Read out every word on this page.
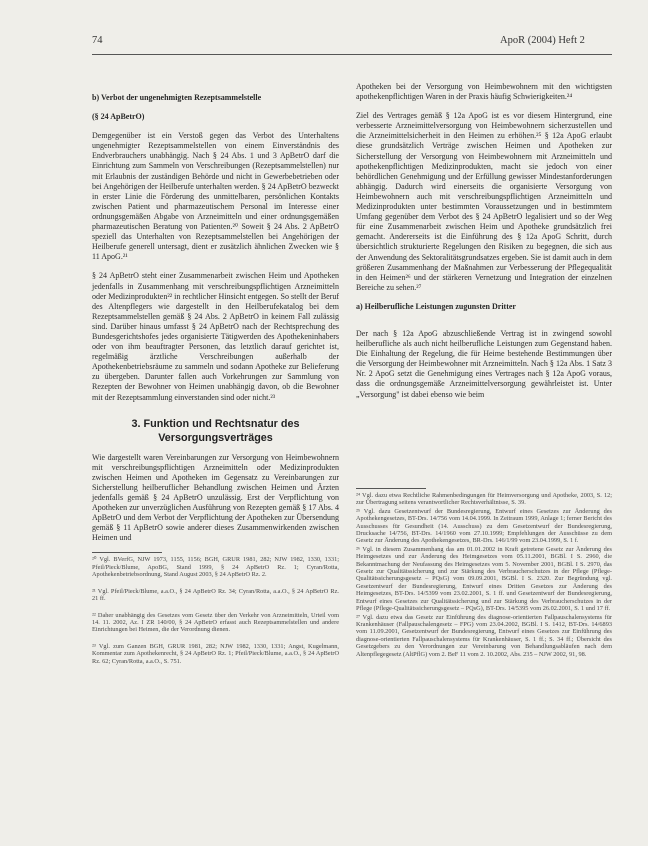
74	ApoR (2004) Heft 2

b) Verbot der ungenehmigten Rezeptsammelstelle

(§ 24 ApBetrO)

Demgegenüber ist ein Verstoß gegen das Verbot des Unterhaltens ungenehmigter Rezeptsammelstellen von einem Einverständnis des Endverbrauchers unabhängig. Nach § 24 Abs. 1 und 3 ApBetrO darf die Einrichtung zum Sammeln von Verschreibungen (Rezeptsammelstellen) nur mit Erlaubnis der zuständigen Behörde und nicht in Gewerbebetrieben oder bei Angehörigen der Heilberufe unterhalten werden. § 24 ApBetrO bezweckt in erster Linie die Förderung des unmittelbaren, persönlichen Kontakts zwischen Patient und pharmazeutischem Personal im Interesse einer ordnungsgemäßen Abgabe von Arzneimitteln und einer ordnungsgemäßen pharmazeutischen Beratung von Patienten.²⁰ Soweit § 24 Abs. 2 ApBetrO speziell das Unterhalten von Rezeptsammelstellen bei Angehörigen der Heilberufe generell untersagt, dient er zusätzlich ähnlichen Zwecken wie § 11 ApoG.²¹

§ 24 ApBetrO steht einer Zusammenarbeit zwischen Heim und Apotheken jedenfalls in Zusammenhang mit verschreibungspflichtigen Arzneimitteln oder Medizinprodukten²² in rechtlicher Hinsicht entgegen. So stellt der Beruf des Altenpflegers wie dargestellt in den Heilberufekatalog bei dem Rezeptsammelstellen gemäß § 24 Abs. 2 ApBetrO in keinem Fall zulässig sind. Darüber hinaus umfasst § 24 ApBetrO nach der Rechtsprechung des Bundesgerichtshofes jedes organisierte Tätigwerden des Apothekeninhabers oder von ihm beauftragter Personen, das letztlich darauf gerichtet ist, regelmäßig ärztliche Verschreibungen außerhalb der Apothekenbetriebsräume zu sammeln und sodann Apotheke zur Belieferung zu übergeben. Darunter fallen auch Vorkehrungen zur Sammlung von Rezepten der Bewohner von Heimen unabhängig davon, ob die Bewohner mit der Rezeptsammlung einverstanden sind oder nicht.²³

3. Funktion und Rechtsnatur des
Versorgungsverträges

Wie dargestellt waren Vereinbarungen zur Versorgung von Heimbewohnern mit verschreibungspflichtigen Arzneimitteln oder Medizinprodukten zwischen Heimen und Apotheken im Gegensatz zu Vereinbarungen zur Sicherstellung heilberuflicher Behandlung zwischen Heimen und Ärzten jedenfalls gemäß § 24 ApBetrO unzulässig. Erst der Verpflichtung von Apotheken zur unverzüglichen Ausführung von Rezepten gemäß § 17 Abs. 4 ApBetrO und dem Verbot der Verpflichtung der Apotheken zur Übersendung gemäß § 11 ApBetrO sowie anderer dieses Zusammenwirkenden zwischen Heimen und

²⁰ Vgl. BVerfG, NJW 1973, 1155, 1156; BGH, GRUR 1981, 282; NJW 1982, 1330, 1331; Pfeil/Pieck/Blume, ApoBG, Stand 1999, § 24 ApBetrO Rz. 1; Cyran/Rotta, Apothekenbetriebsordnung, Stand August 2003, § 24 ApBetrO Rz. 2.

²¹ Vgl. Pfeil/Pieck/Blume, a.a.O., § 24 ApBetrO Rz. 34; Cyran/Rotta, a.a.O., § 24 ApBetrO Rz. 21 ff.

²² Daher unabhängig des Gesetzes vom Gesetz über den Verkehr von Arzneimitteln, Urteil vom 14. 11. 2002, Az. I ZR 140/00, § 24 ApBetrO erfasst auch Rezeptsammelstellen und andere Einrichtungen bei Heimen, die der Verordnung dienen.

²³ Vgl. zum Ganzen BGH, GRUR 1981, 282; NJW 1982, 1330, 1331; Angst, Kugelmann, Kommentar zum Apothekenrecht, § 24 ApBetrO Rz. 1; Pfeil/Pieck/Blume, a.a.O., § 24 ApBetrO Rz. 62; Cyran/Rotta, a.a.O., S. 751.

Apotheken bei der Versorgung von Heimbewohnern mit den wichtigsten apothekenpflichtigen Waren in der Praxis häufig Schwierigkeiten.²⁴

Ziel des Vertrages gemäß § 12a ApoG ist es vor diesem Hintergrund, eine verbesserte Arzneimittelversorgung von Heimbewohnern sicherzustellen und die Arzneimittelsicherheit in den Heimen zu erhöhen.²⁵ § 12a ApoG erlaubt diese grundsätzlich Verträge zwischen Heimen und Apotheken zur Sicherstellung der Versorgung von Heimbewohnern mit Arzneimitteln und apothekenpflichtigen Medizinprodukten, macht sie jedoch von einer behördlichen Genehmigung und der Erfüllung gewisser Mindestanforderungen abhängig. Dadurch wird einerseits die organisierte Versorgung von Heimbewohnern auch mit verschreibungspflichtigen Arzneimitteln und Medizinprodukten unter bestimmten Voraussetzungen und in bestimmtem Umfang gegenüber dem Verbot des § 24 ApBetrO legalisiert und so der Weg für eine Zusammenarbeit zwischen Heim und Apotheke grundsätzlich frei gemacht. Andererseits ist die Einführung des § 12a ApoG Schritt, durch übersichtlich strukturierte Regelungen den Risiken zu begegnen, die sich aus der Anwendung des Sektoralitätsgrundsatzes ergeben. Sie ist damit auch in dem größeren Zusammenhang der Maßnahmen zur Verbesserung der Pflegequalität in den Heimen²⁶ und der stärkeren Vernetzung und Integration der einzelnen Bereiche zu sehen.²⁷

a) Heilberufliche Leistungen zugunsten Dritter

Der nach § 12a ApoG abzuschließende Vertrag ist in zwingend sowohl heilberufliche als auch nicht heilberufliche Leistungen zum Gegenstand haben. Die Einhaltung der Regelung, die für Heime bestehende Bestimmungen über die Versorgung der Heimbewohner mit Arzneimitteln. Nach § 12a Abs. 1 Satz 3 Nr. 2 ApoG setzt die Genehmigung eines Vertrages nach § 12a ApoG voraus, dass die ordnungsgemäße Arzneimittelversorgung gewährleistet ist. Unter „Versorgung" ist dabei ebenso wie beim

²⁴ Vgl. dazu etwa Rechtliche Rahmenbedingungen für Heimversorgung und Apotheke, 2003, S. 12; zur Übertragung seitens verantwortlicher Rechtsverhältnisse, S. 39.

²⁵ Vgl. dazu Gesetzentwurf der Bundesregierung, Entwurf eines Gesetzes zur Änderung des Apothekengesetzes, BT-Drs. 14/756 vom 14.04.1999. In Zeitraum 1999, Anlage 1; ferner Bericht des Ausschusses für Gesundheit (14. Ausschuss) zu dem Gesetzentwurf der Bundesregierung, Drucksache 14/756, BT-Drs. 14/1960 vom 27.10.1999; Empfehlungen der Ausschüsse zu dem Gesetz zur Änderung des Apothekengesetzes, BR-Drs. 146/1/99 vom 23.04.1999, S. 1 f.

²⁶ Vgl. in diesem Zusammenhang das am 01.01.2002 in Kraft getretene Gesetz zur Änderung des Heimgesetzes und zur Änderung des Heimgesetzes vom 05.11.2001, BGBl. I S. 2960, die Bekanntmachung der Neufassung des Heimgesetzes vom 5. November 2001, BGBl. I S. 2970, das Gesetz zur Qualitätssicherung und zur Stärkung des Verbraucherschutzes in der Pflege (Pflege-Qualitätssicherungsgesetz – PQsG) vom 09.09.2001, BGBl. I S. 2320. Zur Begründung vgl. Gesetzentwurf der Bundesregierung, Entwurf eines Dritten Gesetzes zur Änderung des Heimgesetzes, BT-Drs. 14/5399 vom 23.02.2001, S. 1 ff. und Gesetzentwurf der Bundesregierung, Entwurf eines Gesetzes zur Qualitätssicherung und zur Stärkung des Verbraucherschutzes in der Pflege (Pflege-Qualitätssicherungsgesetz – PQsG), BT-Drs. 14/5395 vom 26.02.2001, S. 1 und 17 ff.

²⁷ Vgl. dazu etwa das Gesetz zur Einführung des diagnose-orientierten Fallpauschalensystems für Krankenhäuser (Fallpauschalengesetz – FPG) vom 23.04.2002, BGBl. I S. 1412, BT-Drs. 14/6893 vom 11.09.2001, Gesetzentwurf der Bundesregierung, Entwurf eines Gesetzes zur Einführung des diagnose-orientierten Fallpauschalensystems für Krankenhäuser, S. 1 ff.; S. 34 ff.; Übersicht des Gesetzgebers zu den Verordnungen zur Vereinbarung von Behandlungsabläufen nach dem Altenpflegegesetz (AltPflG) vom 2. BeF 11 vom 2. 10.2002, Abs. 235 – NJW 2002, 91, 98.
